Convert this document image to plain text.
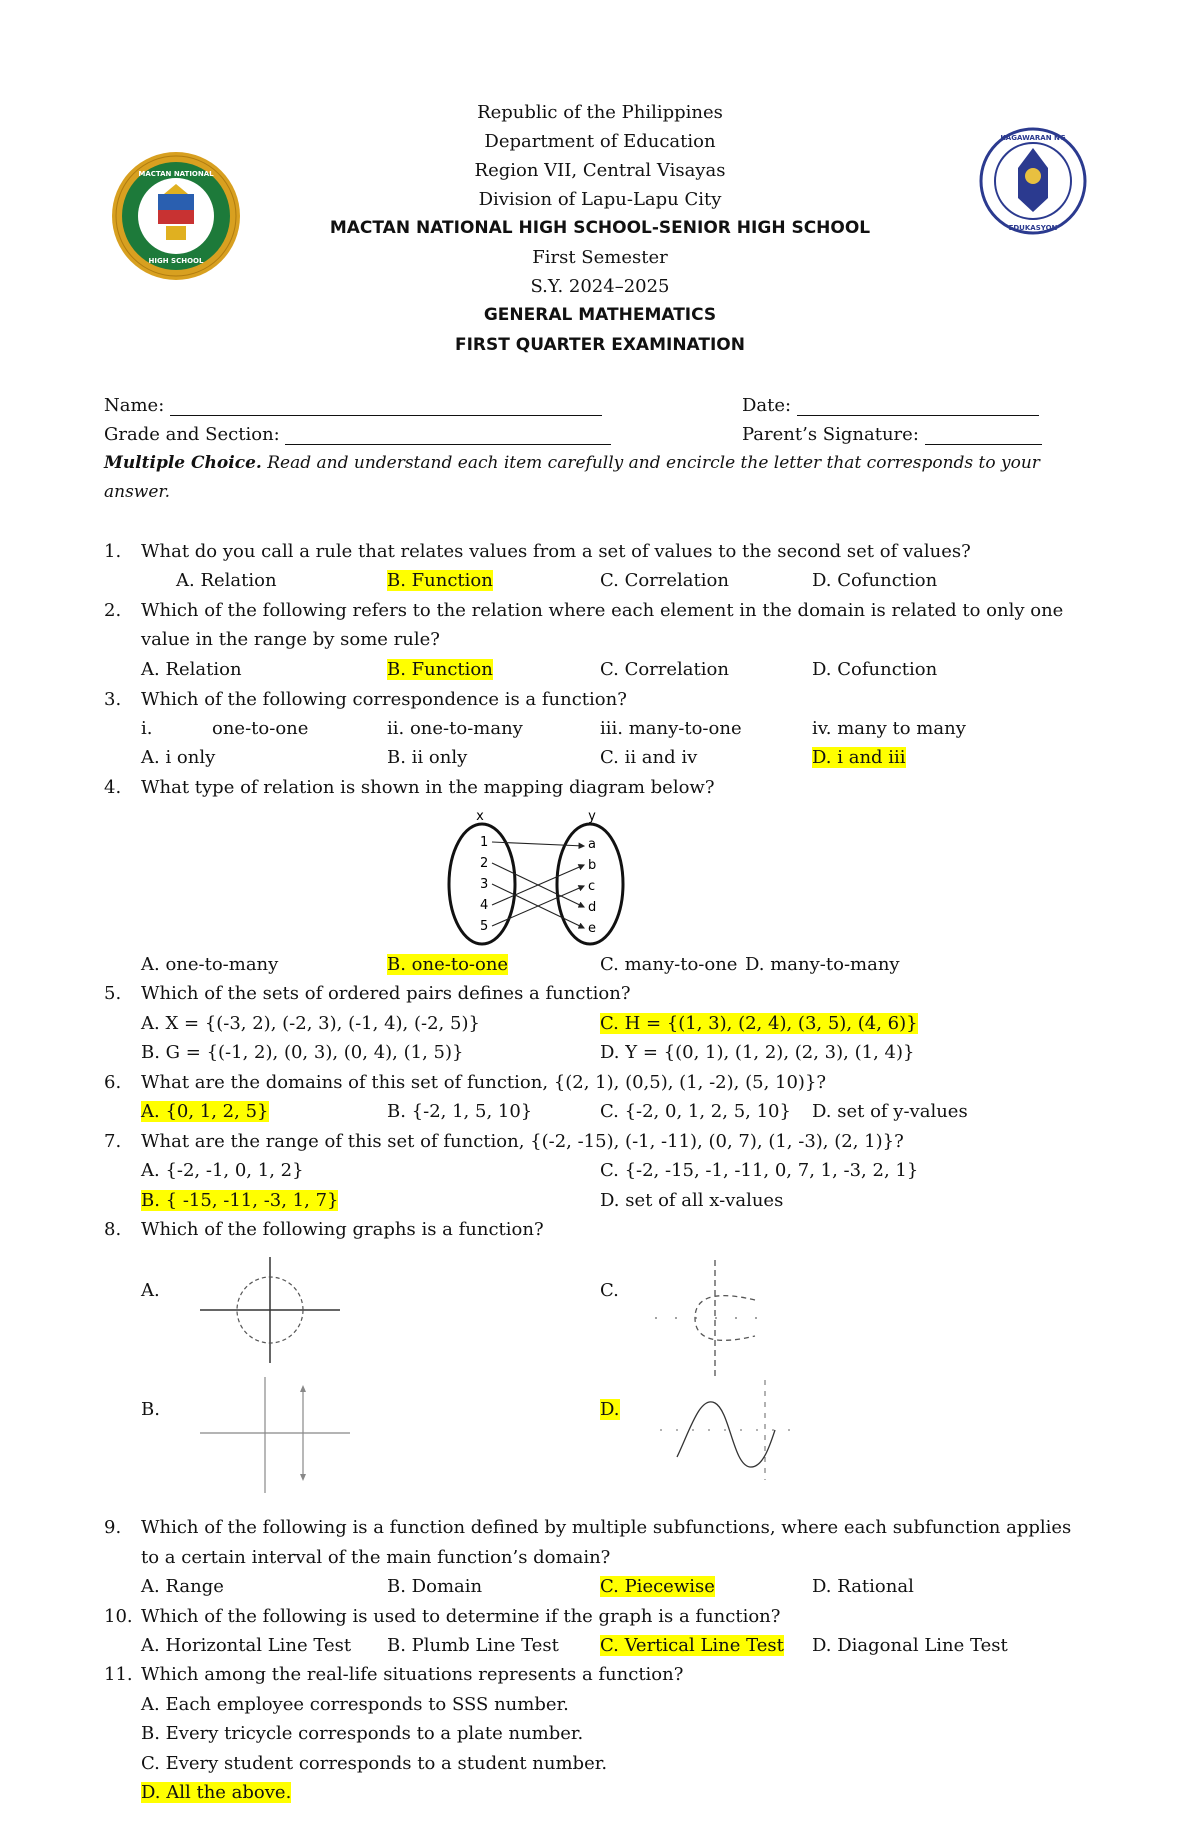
MACTAN NATIONAL
HIGH SCHOOL
KAGAWARAN NG
EDUKASYON
Republic of the Philippines
Department of Education
Region VII, Central Visayas
Division of Lapu-Lapu City
MACTAN NATIONAL HIGH SCHOOL-SENIOR HIGH SCHOOL
First Semester
S.Y. 2024–2025
GENERAL MATHEMATICS
FIRST QUARTER EXAMINATION
Name:	Date:
Grade and Section:	Parent’s Signature:
Multiple Choice. Read and understand each item carefully and encircle the letter that corresponds to your answer.
1. What do you call a rule that relates values from a set of values to the second set of values?
A. Relation	B. Function	C. Correlation	D. Cofunction
2. Which of the following refers to the relation where each element in the domain is related to only one
value in the range by some rule?
A. Relation	B. Function	C. Correlation	D. Cofunction
3. Which of the following correspondence is a function?
i.	one-to-one	ii. one-to-many	iii. many-to-one	iv. many to many
A. i only	B. ii only	C. ii and iv	D. i and iii
4. What type of relation is shown in the mapping diagram below?
x	y
1
2
3
4
5
a
b
c
d
e
A. one-to-many	B. one-to-one	C. many-to-one D. many-to-many
5. Which of the sets of ordered pairs defines a function?
A. X = {(-3, 2), (-2, 3), (-1, 4), (-2, 5)}	C. H = {(1, 3), (2, 4), (3, 5), (4, 6)}
B. G = {(-1, 2), (0, 3), (0, 4), (1, 5)}	D. Y = {(0, 1), (1, 2), (2, 3), (1, 4)}
6. What are the domains of this set of function, {(2, 1), (0,5), (1, -2), (5, 10)}?
A. {0, 1, 2, 5}	B. {-2, 1, 5, 10}	C. {-2, 0, 1, 2, 5, 10} D. set of y-values
7. What are the range of this set of function, {(-2, -15), (-1, -11), (0, 7), (1, -3), (2, 1)}?
A. {-2, -1, 0, 1, 2}	C. {-2, -15, -1, -11, 0, 7, 1, -3, 2, 1}
B. { -15, -11, -3, 1, 7}	D. set of all x-values
8. Which of the following graphs is a function?
A.	C.
B.	D.
9. Which of the following is a function defined by multiple subfunctions, where each subfunction applies
to a certain interval of the main function’s domain?
A. Range	B. Domain	C. Piecewise	D. Rational
10. Which of the following is used to determine if the graph is a function?
A. Horizontal Line Test B. Plumb Line Test C. Vertical Line Test D. Diagonal Line Test
11. Which among the real-life situations represents a function?
A. Each employee corresponds to SSS number.
B. Every tricycle corresponds to a plate number.
C. Every student corresponds to a student number.
D. All the above.
